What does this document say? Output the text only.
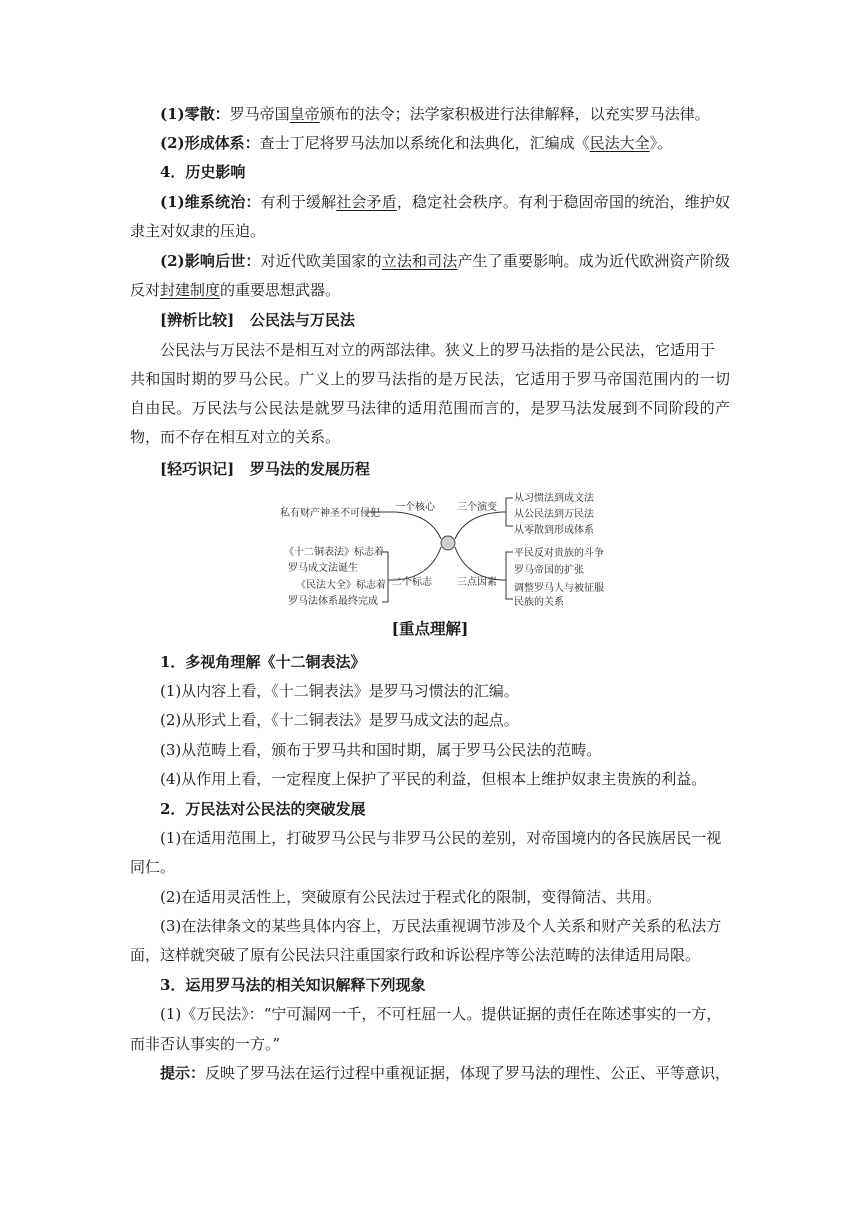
(1)零散：罗马帝国皇帝颁布的法令；法学家积极进行法律解释，以充实罗马法律。
(2)形成体系：查士丁尼将罗马法加以系统化和法典化，汇编成《民法大全》。
4．历史影响
(1)维系统治：有利于缓解社会矛盾，稳定社会秩序。有利于稳固帝国的统治，维护奴
隶主对奴隶的压迫。
(2)影响后世：对近代欧美国家的立法和司法产生了重要影响。成为近代欧洲资产阶级
反对封建制度的重要思想武器。
[辨析比较] 公民法与万民法
公民法与万民法不是相互对立的两部法律。狭义上的罗马法指的是公民法，它适用于
共和国时期的罗马公民。广义上的罗马法指的是万民法，它适用于罗马帝国范围内的一切
自由民。万民法与公民法是就罗马法律的适用范围而言的，是罗马法发展到不同阶段的产
物，而不存在相互对立的关系。
[轻巧识记] 罗马法的发展历程
一个核心 三个演变
二个标志	三点因素
私有财产神圣不可侵犯
从习惯法到成文法
从公民法到万民法
从零散到形成体系
《十二铜表法》标志着
罗马成文法诞生
《民法大全》标志着
罗马法体系最终完成
平民反对贵族的斗争
罗马帝国的扩张
调整罗马人与被征服
民族的关系
[重点理解]
1．多视角理解《十二铜表法》
(1)从内容上看，《十二铜表法》是罗马习惯法的汇编。
(2)从形式上看，《十二铜表法》是罗马成文法的起点。
(3)从范畴上看，颁布于罗马共和国时期，属于罗马公民法的范畴。
(4)从作用上看，一定程度上保护了平民的利益，但根本上维护奴隶主贵族的利益。
2．万民法对公民法的突破发展
(1)在适用范围上，打破罗马公民与非罗马公民的差别，对帝国境内的各民族居民一视
同仁。
(2)在适用灵活性上，突破原有公民法过于程式化的限制，变得简洁、共用。
(3)在法律条文的某些具体内容上，万民法重视调节涉及个人关系和财产关系的私法方
面，这样就突破了原有公民法只注重国家行政和诉讼程序等公法范畴的法律适用局限。
3．运用罗马法的相关知识解释下列现象
(1)《万民法》：“宁可漏网一千，不可枉屈一人。提供证据的责任在陈述事实的一方，
而非否认事实的一方。”
提示：反映了罗马法在运行过程中重视证据，体现了罗马法的理性、公正、平等意识，
